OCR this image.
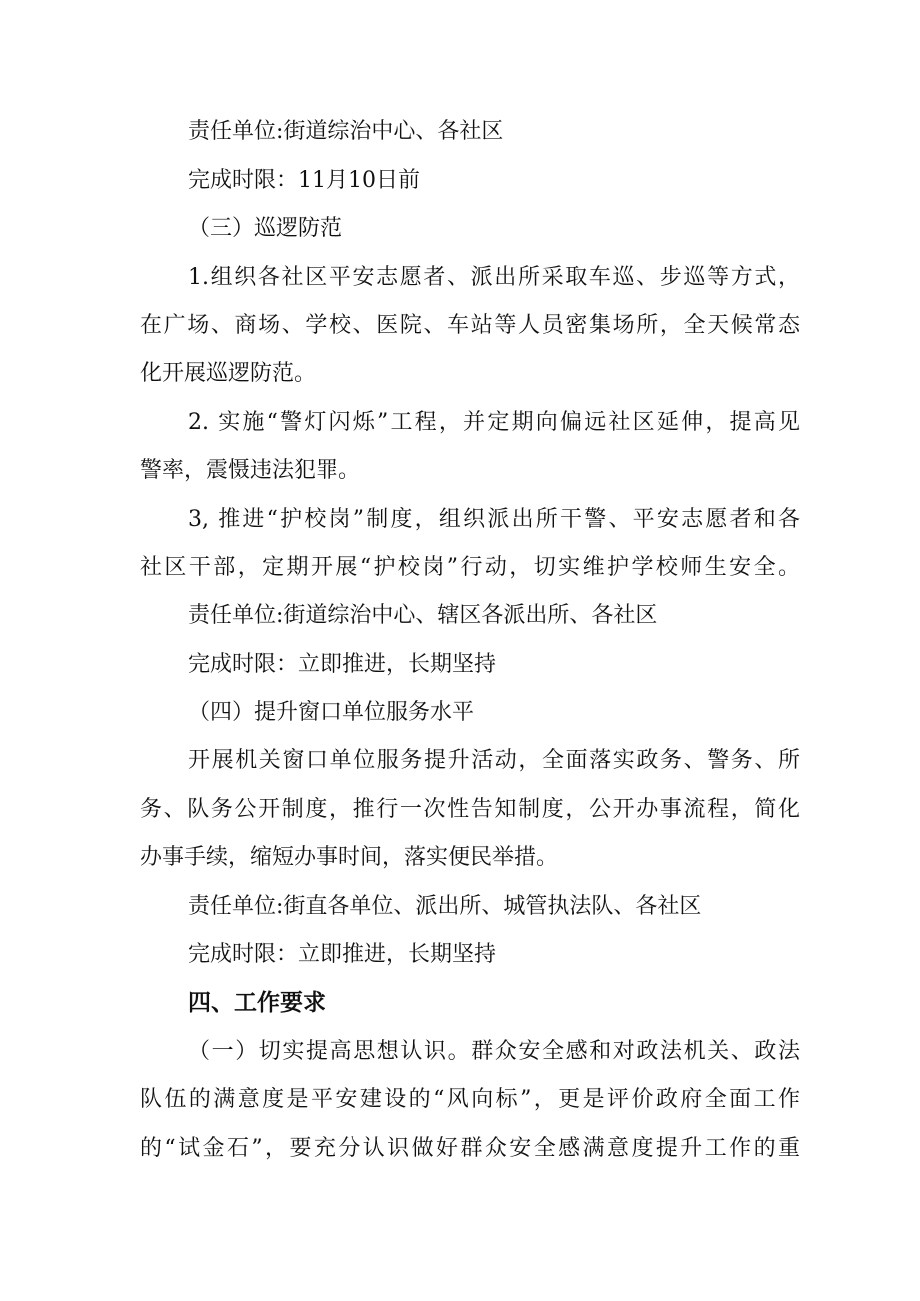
责任单位:街道综治中心、各社区
完成时限：11月10日前
（三）巡逻防范
1.组织各社区平安志愿者、派出所采取车巡、步巡等方式，
在广场、商场、学校、医院、车站等人员密集场所，全天候常态
化开展巡逻防范。
2. 实施“警灯闪烁”工程，并定期向偏远社区延伸，提高见
警率，震慑违法犯罪。
3, 推进“护校岗”制度，组织派出所干警、平安志愿者和各
社区干部，定期开展“护校岗”行动，切实维护学校师生安全。
责任单位:街道综治中心、辖区各派出所、各社区
完成时限：立即推进，长期坚持
（四）提升窗口单位服务水平
开展机关窗口单位服务提升活动，全面落实政务、警务、所
务、队务公开制度，推行一次性告知制度，公开办事流程，简化
办事手续，缩短办事时间，落实便民举措。
责任单位:街直各单位、派出所、城管执法队、各社区
完成时限：立即推进，长期坚持
四、工作要求
（一）切实提高思想认识。群众安全感和对政法机关、政法
队伍的满意度是平安建设的“风向标”，更是评价政府全面工作
的“试金石”，要充分认识做好群众安全感满意度提升工作的重
